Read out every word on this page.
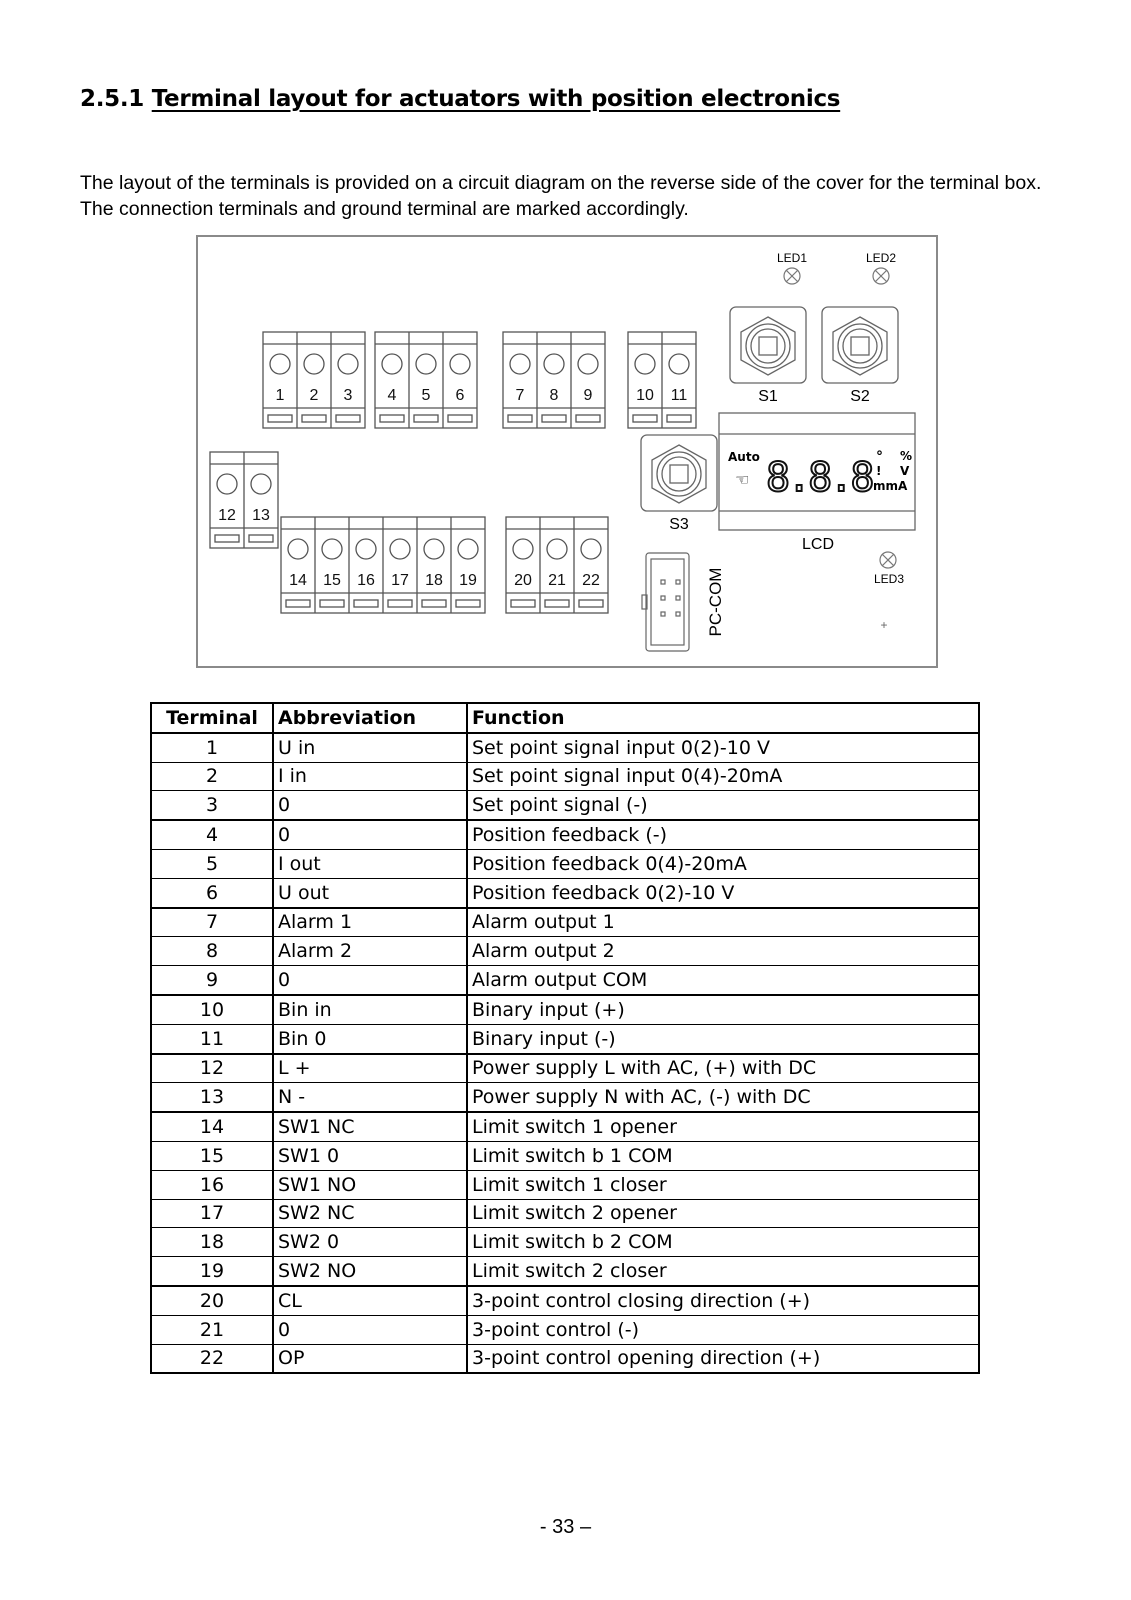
2.5.1 Terminal layout for actuators with position electronics

The layout of the terminals is provided on a circuit diagram on the reverse side of the cover for the terminal box. The connection terminals and ground terminal are marked accordingly.

1 2 3 4 5 6	7 8 9	10 11
12 13
14 15 16 17 18 19 20 21 22
LED1	LED2
S1	S2
S3
Auto
☜ 8.8.8 ° %
! V
mmA
LCD
LED3
+
PC-COM
Terminal	Abbreviation	Function
1	U in	Set point signal input 0(2)-10 V
2	I in	Set point signal input 0(4)-20mA
3	0	Set point signal (-)
4	0	Position feedback (-)
5	I out	Position feedback 0(4)-20mA
6	U out	Position feedback 0(2)-10 V
7	Alarm 1	Alarm output 1
8	Alarm 2	Alarm output 2
9	0	Alarm output COM
10	Bin in	Binary input (+)
11	Bin 0	Binary input (-)
12	L +	Power supply L with AC, (+) with DC
13	N -	Power supply N with AC, (-) with DC
14	SW1 NC	Limit switch 1 opener
15	SW1 0	Limit switch b 1 COM
16	SW1 NO	Limit switch 1 closer
17	SW2 NC	Limit switch 2 opener
18	SW2 0	Limit switch b 2 COM
19	SW2 NO	Limit switch 2 closer
20	CL	3-point control closing direction (+)
21	0	3-point control (-)
22	OP	3-point control opening direction (+)
- 33 –
